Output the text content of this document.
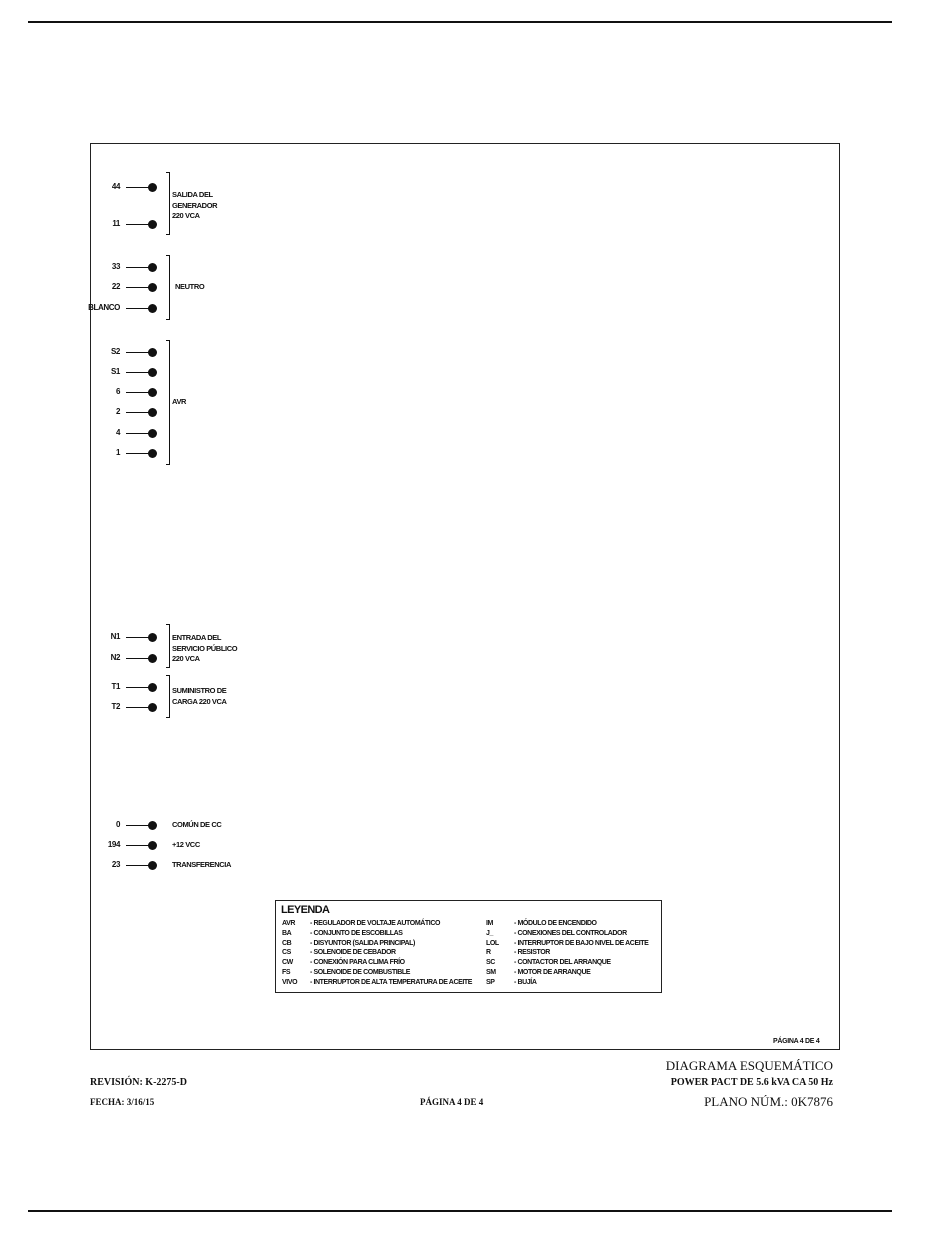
44
11
SALIDA DEL
GENERADOR
220 VCA
33
22
BLANCO
NEUTRO
S2
S1
6
2
4
1
AVR
N1
N2
ENTRADA DEL
SERVICIO PÚBLICO
220 VCA
T1
T2
SUMINISTRO DE
CARGA 220 VCA
0	COMÚN DE CC
194	+12 VCC
23	TRANSFERENCIA
LEYENDA
AVR - REGULADOR DE VOLTAJE AUTOMÁTICO
BA	- CONJUNTO DE ESCOBILLAS
CB	- DISYUNTOR (SALIDA PRINCIPAL)
CS	- SOLENOIDE DE CEBADOR
CW - CONEXIÓN PARA CLIMA FRÍO
FS	- SOLENOIDE DE COMBUSTIBLE
VIVO - INTERRUPTOR DE ALTA TEMPERATURA DE ACEITE
IM	- MÓDULO DE ENCENDIDO
J_	- CONEXIONES DEL CONTROLADOR
LOL - INTERRUPTOR DE BAJO NIVEL DE ACEITE
R	- RESISTOR
SC	- CONTACTOR DEL ARRANQUE
SM	- MOTOR DE ARRANQUE
SP	- BUJÍA
PÁGINA 4 DE 4
DIAGRAMA ESQUEMÁTICO
POWER PACT DE 5.6 kVA CA 50 Hz
PLANO NÚM.: 0K7876
REVISIÓN: K-2275-D
FECHA: 3/16/15	PÁGINA 4 DE 4
